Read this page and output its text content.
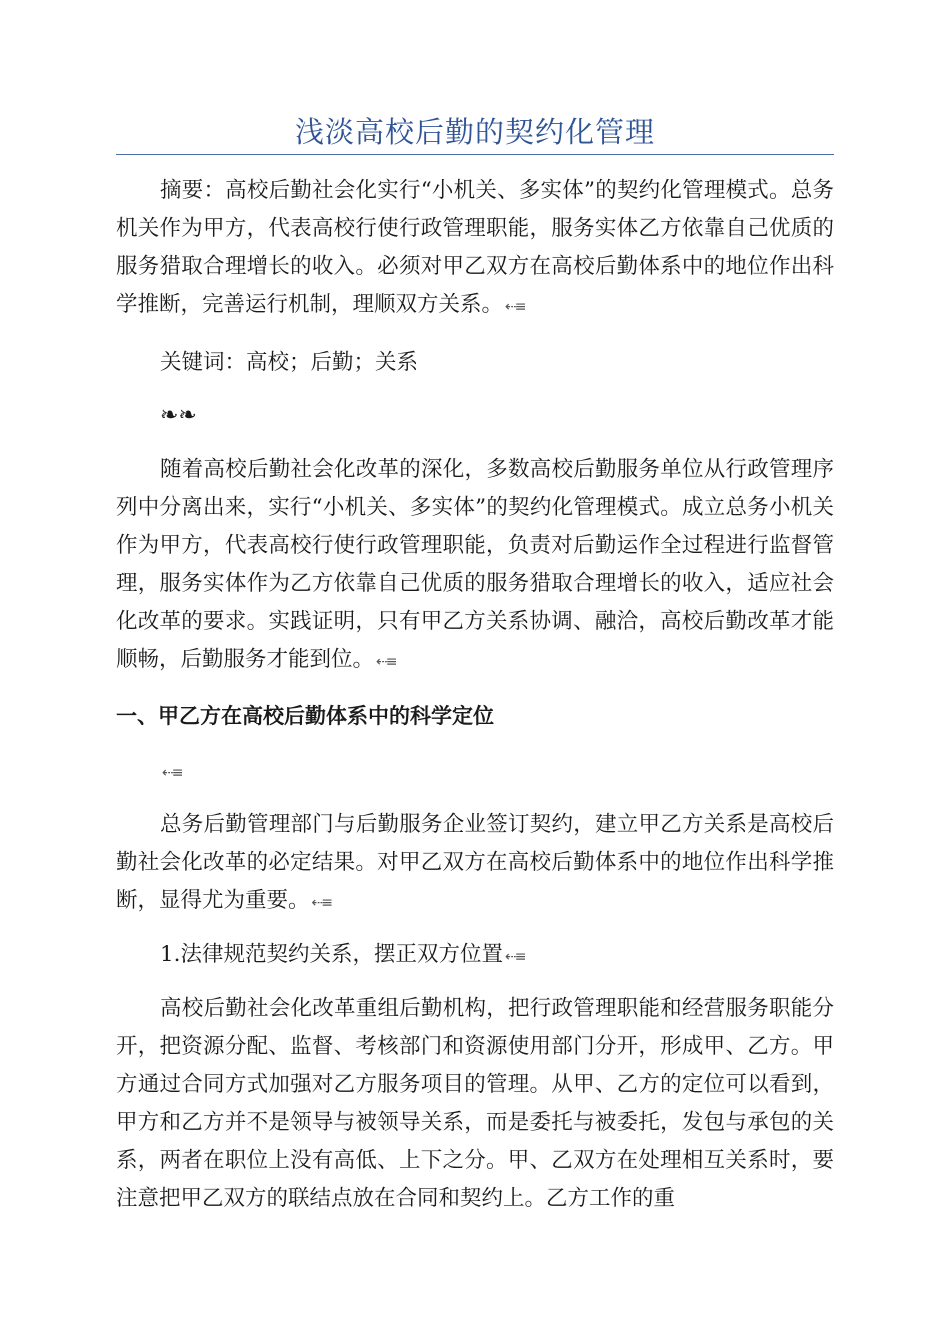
浅淡高校后勤的契约化管理

摘要：高校后勤社会化实行“小机关、多实体”的契约化管理模式。总务机关作为甲方，代表高校行使行政管理职能，服务实体乙方依靠自己优质的服务猎取合理增长的收入。必须对甲乙双方在高校后勤体系中的地位作出科学推断，完善运行机制，理顺双方关系。 ⇠≡

关键词：高校；后勤；关系

❧❧

随着高校后勤社会化改革的深化，多数高校后勤服务单位从行政管理序列中分离出来，实行“小机关、多实体”的契约化管理模式。成立总务小机关作为甲方，代表高校行使行政管理职能，负责对后勤运作全过程进行监督管理，服务实体作为乙方依靠自己优质的服务猎取合理增长的收入，适应社会化改革的要求。实践证明，只有甲乙方关系协调、融洽，高校后勤改革才能顺畅，后勤服务才能到位。 ⇠≡

一、甲乙方在高校后勤体系中的科学定位

⇠≡

总务后勤管理部门与后勤服务企业签订契约，建立甲乙方关系是高校后勤社会化改革的必定结果。对甲乙双方在高校后勤体系中的地位作出科学推断，显得尤为重要。 ⇠≡

1.法律规范契约关系，摆正双方位置 ⇠≡

高校后勤社会化改革重组后勤机构，把行政管理职能和经营服务职能分开，把资源分配、监督、考核部门和资源使用部门分开，形成甲、乙方。甲方通过合同方式加强对乙方服务项目的管理。从甲、乙方的定位可以看到，甲方和乙方并不是领导与被领导关系，而是委托与被委托，发包与承包的关系，两者在职位上没有高低、上下之分。甲、乙双方在处理相互关系时，要注意把甲乙双方的联结点放在合同和契约上。乙方工作的重
